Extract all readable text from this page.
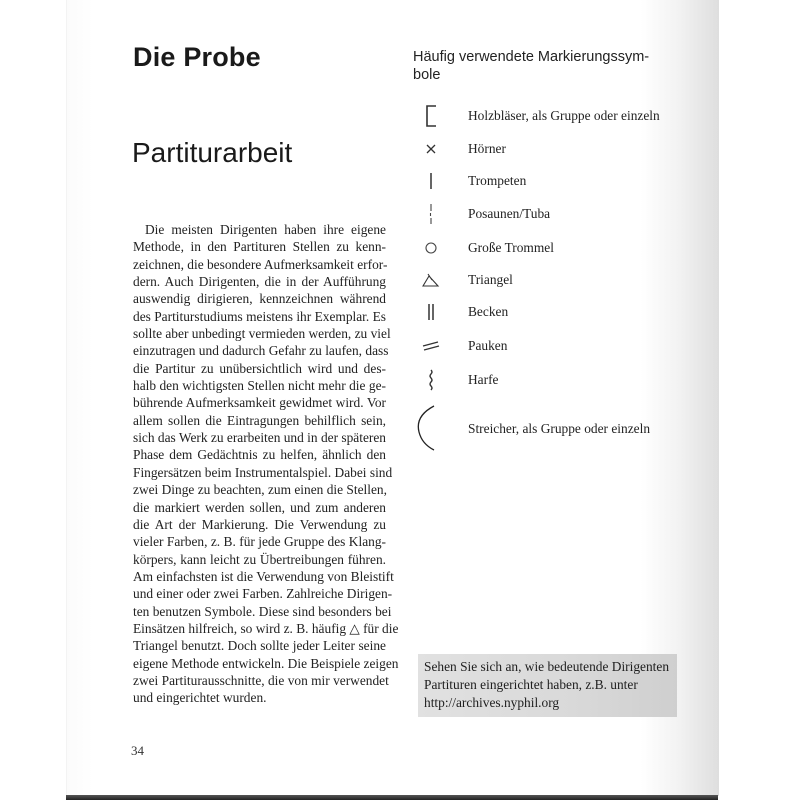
Die Probe
Partiturarbeit
Die meisten Dirigenten haben ihre eigene
Methode, in den Partituren Stellen zu kenn-
zeichnen, die besondere Aufmerksamkeit erfor-
dern. Auch Dirigenten, die in der Aufführung
auswendig dirigieren, kennzeichnen während
des Partiturstudiums meistens ihr Exemplar. Es
sollte aber unbedingt vermieden werden, zu viel
einzutragen und dadurch Gefahr zu laufen, dass
die Partitur zu unübersichtlich wird und des-
halb den wichtigsten Stellen nicht mehr die ge-
bührende Aufmerksamkeit gewidmet wird. Vor
allem sollen die Eintragungen behilflich sein,
sich das Werk zu erarbeiten und in der späteren
Phase dem Gedächtnis zu helfen, ähnlich den
Fingersätzen beim Instrumentalspiel. Dabei sind
zwei Dinge zu beachten, zum einen die Stellen,
die markiert werden sollen, und zum anderen
die Art der Markierung. Die Verwendung zu
vieler Farben, z. B. für jede Gruppe des Klang-
körpers, kann leicht zu Übertreibungen führen.
Am einfachsten ist die Verwendung von Bleistift
und einer oder zwei Farben. Zahlreiche Dirigen-
ten benutzen Symbole. Diese sind besonders bei
Einsätzen hilfreich, so wird z. B. häufig △ für die
Triangel benutzt. Doch sollte jeder Leiter seine
eigene Methode entwickeln. Die Beispiele zeigen
zwei Partiturausschnitte, die von mir verwendet
und eingerichtet wurden.
34
Häufig verwendete Markierungssym-
bole
Holzbläser, als Gruppe oder einzeln
Hörner
Trompeten
Posaunen/Tuba
Große Trommel
Triangel
Becken
Pauken
Harfe
Streicher, als Gruppe oder einzeln
Sehen Sie sich an, wie bedeutende Dirigenten
Partituren eingerichtet haben, z.B. unter
http://archives.nyphil.org
